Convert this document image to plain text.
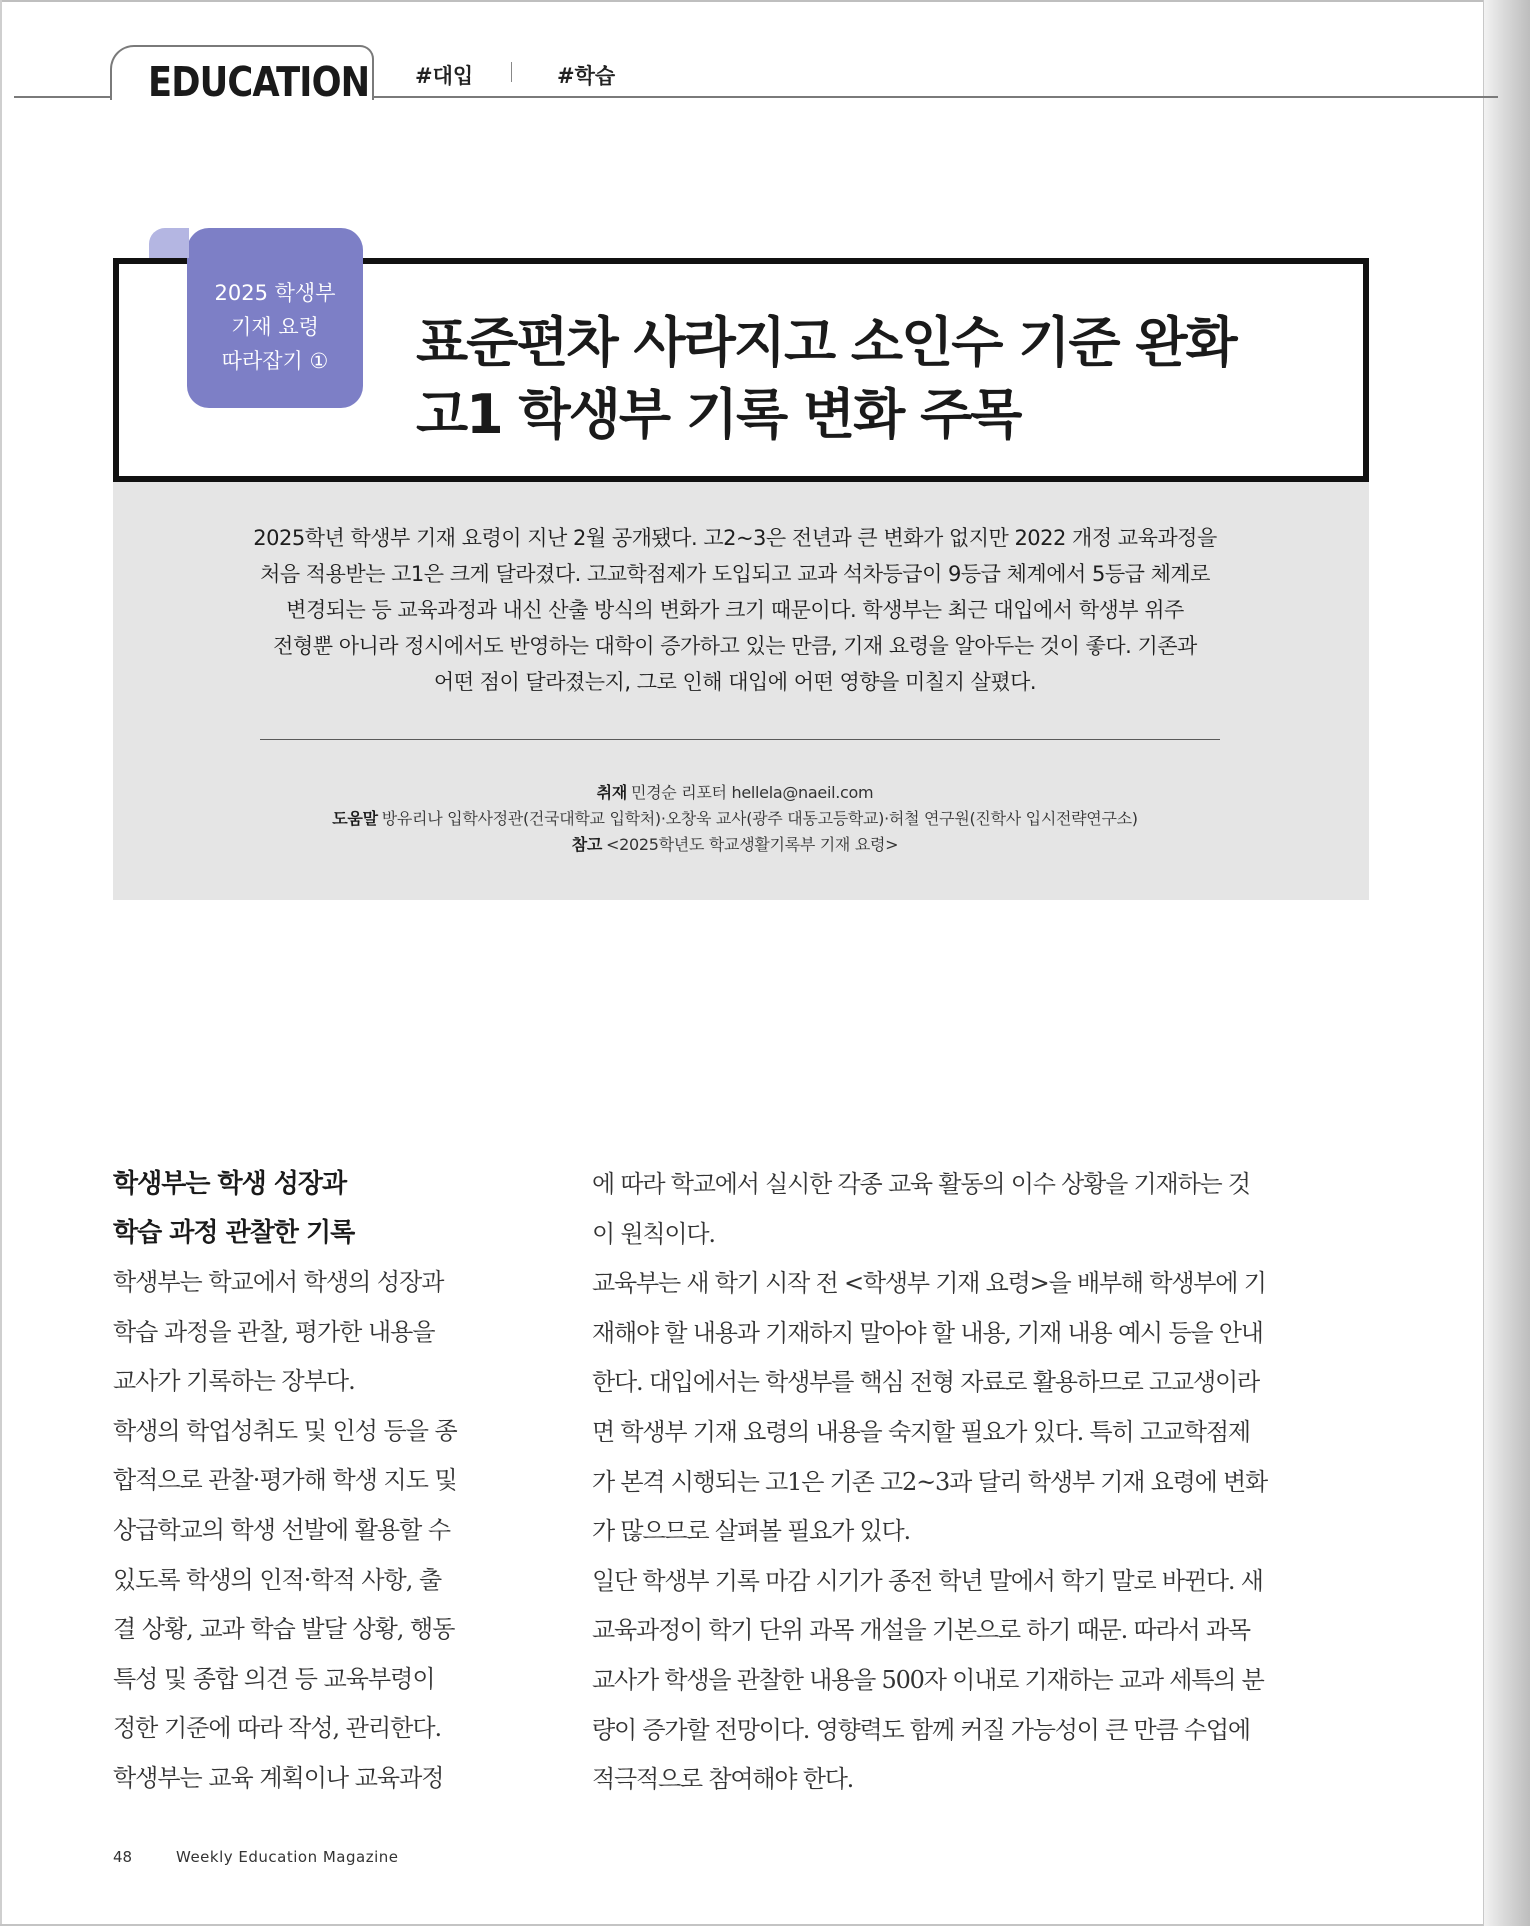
EDUCATION #대입	#학습
2025 학생부
기재 요령
따라잡기 ①	표준편차 사라지고 소인수 기준 완화
고1 학생부 기록 변화 주목
2025학년 학생부 기재 요령이 지난 2월 공개됐다. 고2~3은 전년과 큰 변화가 없지만 2022 개정 교육과정을
처음 적용받는 고1은 크게 달라졌다. 고교학점제가 도입되고 교과 석차등급이 9등급 체계에서 5등급 체계로
변경되는 등 교육과정과 내신 산출 방식의 변화가 크기 때문이다. 학생부는 최근 대입에서 학생부 위주
전형뿐 아니라 정시에서도 반영하는 대학이 증가하고 있는 만큼, 기재 요령을 알아두는 것이 좋다. 기존과
어떤 점이 달라졌는지, 그로 인해 대입에 어떤 영향을 미칠지 살폈다.
취재 민경순 리포터 hellela@naeil.com
도움말 방유리나 입학사정관(건국대학교 입학처)·오창욱 교사(광주 대동고등학교)·허철 연구원(진학사 입시전략연구소)
참고 <2025학년도 학교생활기록부 기재 요령>
학생부는 학생 성장과
학습 과정 관찰한 기록
학생부는 학교에서 학생의 성장과
학습 과정을 관찰, 평가한 내용을
교사가 기록하는 장부다.
학생의 학업성취도 및 인성 등을 종
합적으로 관찰·평가해 학생 지도 및
상급학교의 학생 선발에 활용할 수
있도록 학생의 인적·학적 사항, 출
결 상황, 교과 학습 발달 상황, 행동
특성 및 종합 의견 등 교육부령이
정한 기준에 따라 작성, 관리한다.
학생부는 교육 계획이나 교육과정
에 따라 학교에서 실시한 각종 교육 활동의 이수 상황을 기재하는 것
이 원칙이다.
교육부는 새 학기 시작 전 <학생부 기재 요령>을 배부해 학생부에 기
재해야 할 내용과 기재하지 말아야 할 내용, 기재 내용 예시 등을 안내
한다. 대입에서는 학생부를 핵심 전형 자료로 활용하므로 고교생이라
면 학생부 기재 요령의 내용을 숙지할 필요가 있다. 특히 고교학점제
가 본격 시행되는 고1은 기존 고2~3과 달리 학생부 기재 요령에 변화
가 많으므로 살펴볼 필요가 있다.
일단 학생부 기록 마감 시기가 종전 학년 말에서 학기 말로 바뀐다. 새
교육과정이 학기 단위 과목 개설을 기본으로 하기 때문. 따라서 과목
교사가 학생을 관찰한 내용을 500자 이내로 기재하는 교과 세특의 분
량이 증가할 전망이다. 영향력도 함께 커질 가능성이 큰 만큼 수업에
적극적으로 참여해야 한다.
48	Weekly Education Magazine
